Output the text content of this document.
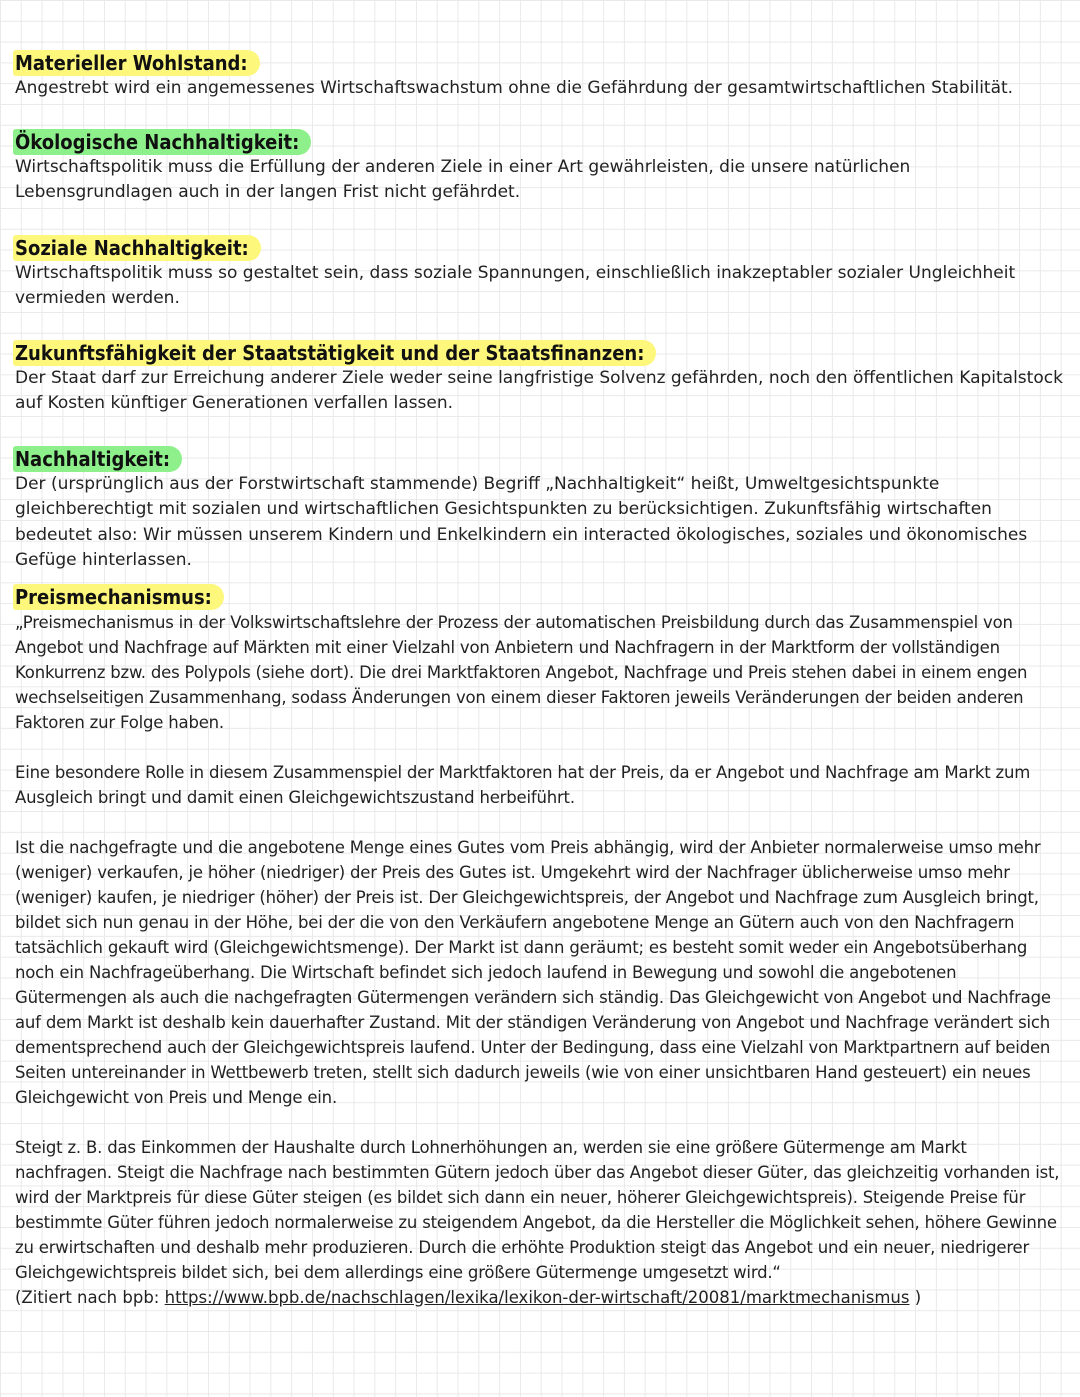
Materieller Wohlstand:

Angestrebt wird ein angemessenes Wirtschaftswachstum ohne die Gefährdung der gesamtwirtschaftlichen Stabilität.

Ökologische Nachhaltigkeit:

Wirtschaftspolitik muss die Erfüllung der anderen Ziele in einer Art gewährleisten, die unsere natürlichen Lebensgrundlagen auch in der langen Frist nicht gefährdet.

Soziale Nachhaltigkeit:

Wirtschaftspolitik muss so gestaltet sein, dass soziale Spannungen, einschließlich inakzeptabler sozialer Ungleichheit vermieden werden.

Zukunftsfähigkeit der Staatstätigkeit und der Staatsfinanzen:

Der Staat darf zur Erreichung anderer Ziele weder seine langfristige Solvenz gefährden, noch den öffentlichen Kapitalstock auf Kosten künftiger Generationen verfallen lassen.

Nachhaltigkeit:

Der (ursprünglich aus der Forstwirtschaft stammende) Begriff „Nachhaltigkeit“ heißt, Umweltgesichtspunkte gleichberechtigt mit sozialen und wirtschaftlichen Gesichtspunkten zu berücksichtigen. Zukunftsfähig wirtschaften bedeutet also: Wir müssen unserem Kindern und Enkelkindern ein interacted ökologisches, soziales und ökonomisches Gefüge hinterlassen.

Preismechanismus:

„Preismechanismus in der Volkswirtschaftslehre der Prozess der automatischen Preisbildung durch das Zusammenspiel von Angebot und Nachfrage auf Märkten mit einer Vielzahl von Anbietern und Nachfragern in der Marktform der vollständigen Konkurrenz bzw. des Polypols (siehe dort). Die drei Marktfaktoren Angebot, Nachfrage und Preis stehen dabei in einem engen wechselseitigen Zusammenhang, sodass Änderungen von einem dieser Faktoren jeweils Veränderungen der beiden anderen Faktoren zur Folge haben.

Eine besondere Rolle in diesem Zusammenspiel der Marktfaktoren hat der Preis, da er Angebot und Nachfrage am Markt zum Ausgleich bringt und damit einen Gleichgewichtszustand herbeiführt.

Ist die nachgefragte und die angebotene Menge eines Gutes vom Preis abhängig, wird der Anbieter normalerweise umso mehr (weniger) verkaufen, je höher (niedriger) der Preis des Gutes ist. Umgekehrt wird der Nachfrager üblicherweise umso mehr (weniger) kaufen, je niedriger (höher) der Preis ist. Der Gleichgewichtspreis, der Angebot und Nachfrage zum Ausgleich bringt, bildet sich nun genau in der Höhe, bei der die von den Verkäufern angebotene Menge an Gütern auch von den Nachfragern tatsächlich gekauft wird (Gleichgewichtsmenge). Der Markt ist dann geräumt; es besteht somit weder ein Angebotsüberhang noch ein Nachfrageüberhang. Die Wirtschaft befindet sich jedoch laufend in Bewegung und sowohl die angebotenen Gütermengen als auch die nachgefragten Gütermengen verändern sich ständig. Das Gleichgewicht von Angebot und Nachfrage auf dem Markt ist deshalb kein dauerhafter Zustand. Mit der ständigen Veränderung von Angebot und Nachfrage verändert sich dementsprechend auch der Gleichgewichtspreis laufend. Unter der Bedingung, dass eine Vielzahl von Marktpartnern auf beiden Seiten untereinander in Wettbewerb treten, stellt sich dadurch jeweils (wie von einer unsichtbaren Hand gesteuert) ein neues Gleichgewicht von Preis und Menge ein.

Steigt z. B. das Einkommen der Haushalte durch Lohnerhöhungen an, werden sie eine größere Gütermenge am Markt nachfragen. Steigt die Nachfrage nach bestimmten Gütern jedoch über das Angebot dieser Güter, das gleichzeitig vorhanden ist, wird der Marktpreis für diese Güter steigen (es bildet sich dann ein neuer, höherer Gleichgewichtspreis). Steigende Preise für bestimmte Güter führen jedoch normalerweise zu steigendem Angebot, da die Hersteller die Möglichkeit sehen, höhere Gewinne zu erwirtschaften und deshalb mehr produzieren. Durch die erhöhte Produktion steigt das Angebot und ein neuer, niedrigerer Gleichgewichtspreis bildet sich, bei dem allerdings eine größere Gütermenge umgesetzt wird.“

(Zitiert nach bpb: https://www.bpb.de/nachschlagen/lexika/lexikon-der-wirtschaft/20081/marktmechanismus )
